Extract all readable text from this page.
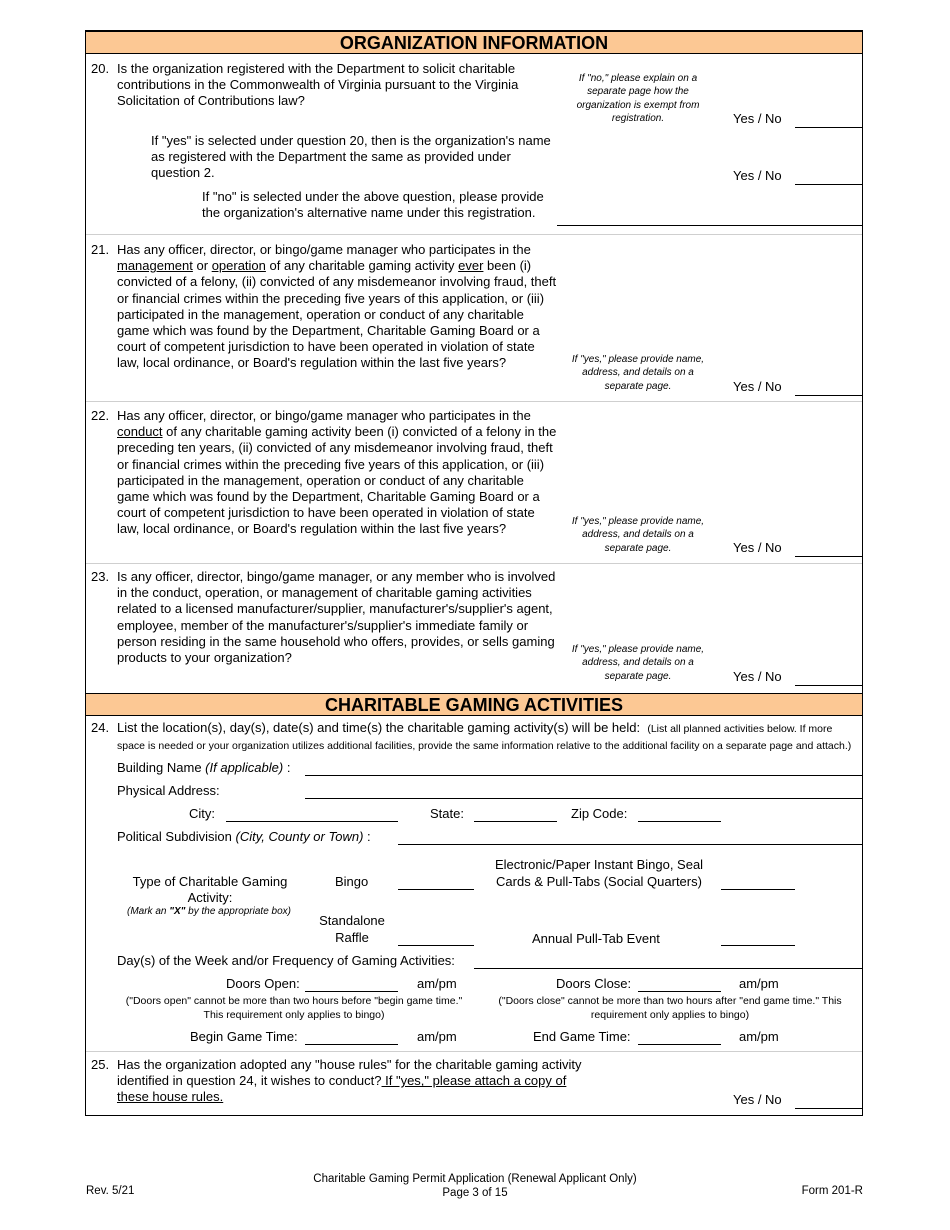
ORGANIZATION INFORMATION
20. Is the organization registered with the Department to solicit charitable contributions in the Commonwealth of Virginia pursuant to the Virginia Solicitation of Contributions law?
If "no," please explain on a separate page how the organization is exempt from registration.	Yes / No
If "yes" is selected under question 20, then is the organization's name as registered with the Department the same as provided under question 2.	Yes / No
If "no" is selected under the above question, please provide the organization's alternative name under this registration.
21. Has any officer, director, or bingo/game manager who participates in the management or operation of any charitable gaming activity ever been (i) convicted of a felony, (ii) convicted of any misdemeanor involving fraud, theft or financial crimes within the preceding five years of this application, or (iii) participated in the management, operation or conduct of any charitable game which was found by the Department, Charitable Gaming Board or a court of competent jurisdiction to have been operated in violation of state law, local ordinance, or Board's regulation within the last five years?	If "yes," please provide name, address, and details on a separate page.	Yes / No
22. Has any officer, director, or bingo/game manager who participates in the conduct of any charitable gaming activity been (i) convicted of a felony in the preceding ten years, (ii) convicted of any misdemeanor involving fraud, theft or financial crimes within the preceding five years of this application, or (iii) participated in the management, operation or conduct of any charitable game which was found by the Department, Charitable Gaming Board or a court of competent jurisdiction to have been operated in violation of state law, local ordinance, or Board's regulation within the last five years?	If "yes," please provide name, address, and details on a separate page.	Yes / No
23. Is any officer, director, bingo/game manager, or any member who is involved in the conduct, operation, or management of charitable gaming activities related to a licensed manufacturer/supplier, manufacturer's/supplier's agent, employee, member of the manufacturer's/supplier's immediate family or person residing in the same household who offers, provides, or sells gaming products to your organization?
If "yes," please provide name, address, and details on a separate page.	Yes / No
CHARITABLE GAMING ACTIVITIES
24. List the location(s), day(s), date(s) and time(s) the charitable gaming activity(s) will be held: (List all planned activities below. If more space is needed or your organization utilizes additional facilities, provide the same information relative to the additional facility on a separate page and attach.)
Building Name (If applicable) :
Physical Address:
City:	State:	Zip Code:
Political Subdivision (City, County or Town) :
Type of Charitable Gaming Activity:
(Mark an "X" by the appropriate box)
Bingo
Electronic/Paper Instant Bingo, Seal Cards & Pull-Tabs (Social Quarters)
Standalone Raffle	Annual Pull-Tab Event
Day(s) of the Week and/or Frequency of Gaming Activities:
Doors Open:	am/pm	Doors Close:	am/pm
("Doors open" cannot be more than two hours before "begin game time." This requirement only applies to bingo)
("Doors close" cannot be more than two hours after "end game time." This requirement only applies to bingo)
Begin Game Time:	am/pm	End Game Time:	am/pm
25. Has the organization adopted any "house rules" for the charitable gaming activity identified in question 24, it wishes to conduct? If "yes," please attach a copy of these house rules.	Yes / No
Rev. 5/21
Charitable Gaming Permit Application (Renewal Applicant Only)
Page 3 of 15	Form 201-R
